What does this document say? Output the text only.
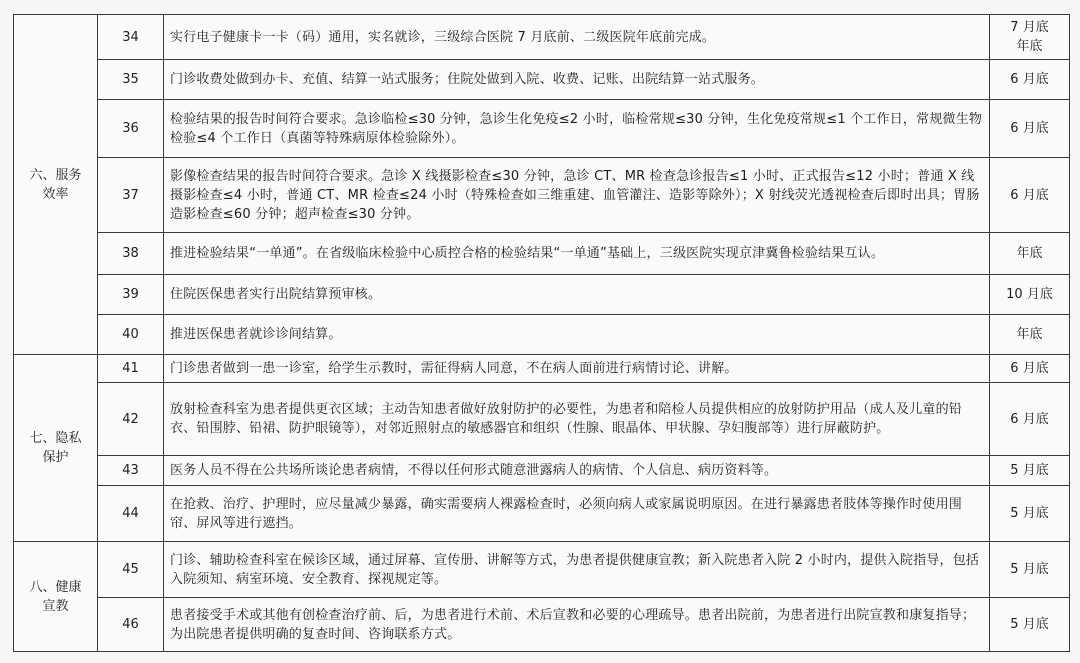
六、服务
效率	34	实行电子健康卡一卡（码）通用，实名就诊，三级综合医院 7 月底前、二级医院年底前完成。	7 月底
年底
	35	门诊收费处做到办卡、充值、结算一站式服务；住院处做到入院、收费、记账、出院结算一站式服务。	6 月底
	36	检验结果的报告时间符合要求。急诊临检≤30 分钟，急诊生化免疫≤2 小时，临检常规≤30 分钟，生化免疫常规≤1 个工作日，常规微生物检验≤4 个工作日（真菌等特殊病原体检验除外）。	6 月底
	37	影像检查结果的报告时间符合要求。急诊 X 线摄影检查≤30 分钟，急诊 CT、MR 检查急诊报告≤1 小时、正式报告≤12 小时；普通 X 线摄影检查≤4 小时，普通 CT、MR 检查≤24 小时（特殊检查如三维重建、血管灌注、造影等除外）；X 射线荧光透视检查后即时出具；胃肠造影检查≤60 分钟；超声检查≤30 分钟。	6 月底
	38	推进检验结果“一单通”。在省级临床检验中心质控合格的检验结果“一单通”基础上，三级医院实现京津冀鲁检验结果互认。	年底
	39	住院医保患者实行出院结算预审核。	10 月底
	40	推进医保患者就诊诊间结算。	年底
七、隐私
保护	41	门诊患者做到一患一诊室，给学生示教时，需征得病人同意，不在病人面前进行病情讨论、讲解。	6 月底
	42	放射检查科室为患者提供更衣区域；主动告知患者做好放射防护的必要性，为患者和陪检人员提供相应的放射防护用品（成人及儿童的铅衣、铅围脖、铅裙、防护眼镜等），对邻近照射点的敏感器官和组织（性腺、眼晶体、甲状腺、孕妇腹部等）进行屏蔽防护。	6 月底
	43	医务人员不得在公共场所谈论患者病情，不得以任何形式随意泄露病人的病情、个人信息、病历资料等。	5 月底
	44	在抢救、治疗、护理时，应尽量减少暴露，确实需要病人裸露检查时，必须向病人或家属说明原因。在进行暴露患者肢体等操作时使用围帘、屏风等进行遮挡。	5 月底
八、健康
宣教	45	门诊、辅助检查科室在候诊区域，通过屏幕、宣传册、讲解等方式，为患者提供健康宣教；新入院患者入院 2 小时内，提供入院指导，包括入院须知、病室环境、安全教育、探视规定等。	5 月底
	46	患者接受手术或其他有创检查治疗前、后，为患者进行术前、术后宣教和必要的心理疏导。患者出院前，为患者进行出院宣教和康复指导；为出院患者提供明确的复查时间、咨询联系方式。	5 月底
